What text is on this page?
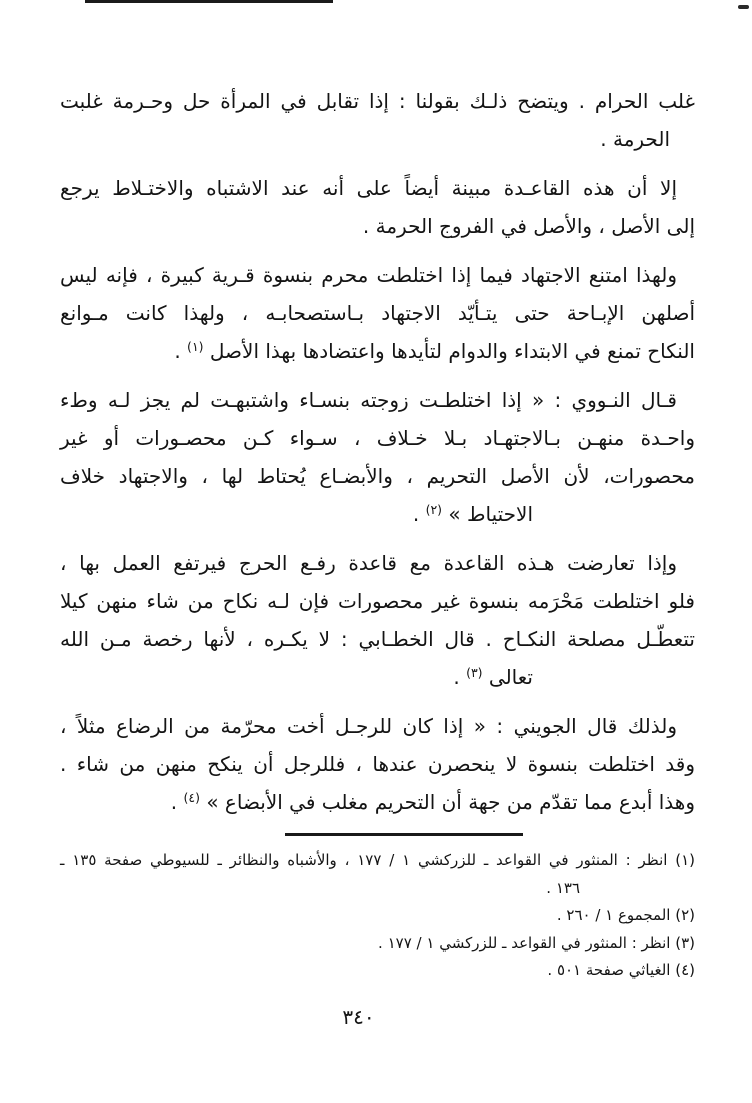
غلب الحرام . ويتضح ذلـك بقولنا : إذا تقابل في المرأة حل وحـرمة غلبت
الحرمة .
إلا أن هذه القاعـدة مبينة أيضاً على أنه عند الاشتباه والاختـلاط يرجع
إلى الأصل ، والأصل في الفروج الحرمة .
ولهذا امتنع الاجتهاد فيما إذا اختلطت محرم بنسوة قـرية كبيرة ، فإنه ليس
أصلهن الإبـاحة حتى يتـأيّد الاجتهاد بـاستصحابـه ، ولهذا كانت مـوانع
النكاح تمنع في الابتداء والدوام لتأيدها واعتضادها بهذا الأصل $^{(١)}$ .
قـال النـووي : « إذا اختلطـت زوجته بنسـاء واشتبهـت لم يجز لـه وطء
واحـدة منهـن بـالاجتهـاد بـلا خـلاف ، سـواء كـن محصـورات أو غير
محصورات، لأن الأصل التحريم ، والأبضـاع يُحتاط لها ، والاجتهاد خلاف
الاحتياط » $^{(٢)}$ .
وإذا تعارضت هـذه القاعدة مع قاعدة رفـع الحرج فيرتفع العمل بها ،
فلو اختلطت مَحْرَمه بنسوة غير محصورات فإن لـه نكاح من شاء منهن كيلا
تتعطّـل مصلحة النكـاح . قال الخطـابي : لا يكـره ، لأنها رخصة مـن الله
تعالى $^{(٣)}$ .
ولذلك قال الجويني : « إذا كان للرجـل أخت محرّمة من الرضاع مثلاً ،
وقد اختلطت بنسوة لا ينحصرن عندها ، فللرجل أن ينكح منهن من شاء .
وهذا أبدع مما تقدّم من جهة أن التحريم مغلب في الأبضاع » $^{(٤)}$ .
(١) انظر : المنثور في القواعد ـ للزركشي ١ / ١٧٧ ، والأشباه والنظائر ـ للسيوطي صفحة ١٣٥ ـ
١٣٦ .
(٢) المجموع ١ / ٢٦٠ .
(٣) انظر : المنثور في القواعد ـ للزركشي ١ / ١٧٧ .
(٤) الغياثي صفحة ٥٠١ .
٣٤٠
